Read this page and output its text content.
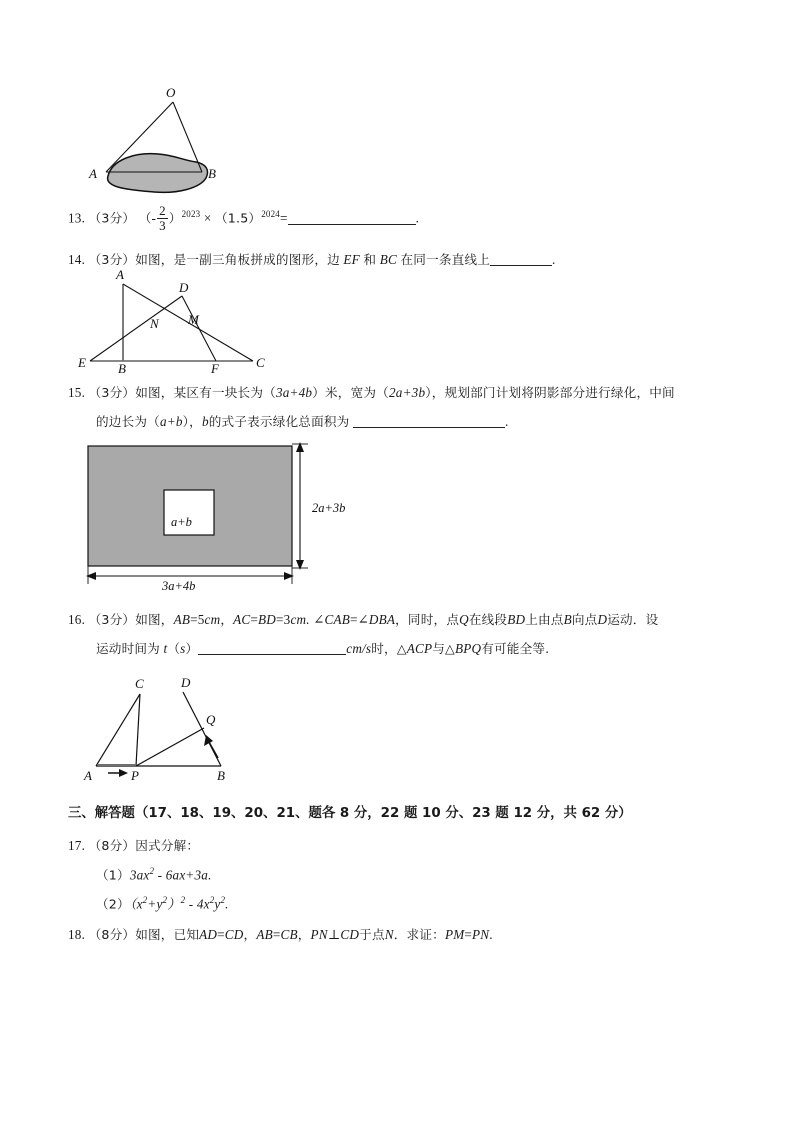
O
A	B
13. （3分） （- $\frac{2}{3} )^{2023} \times (1.5)^{2024}=$	.
14. （3分）如图，是一副三角板拼成的图形，边 EF 和 BC 在同一条直线上	.
A
D
N M
E B	F	C
15. （3分）如图，某区有一块长为（3a+4b）米，宽为（2a+3b），规划部门计划将阴影部分进行绿化，中间
的边长为（a+b），b的式子表示绿化总面积为	.
a+b
2a+3b
3a+4b
16. （3分）如图，AB=5cm，AC=BD=3cm. ∠CAB=∠DBA，同时，点Q在线段BD上由点B向点D运动．设
运动时间为 t（s）	cm/s时，△ACP与△BPQ有可能全等.
C	D
Q
A	P	B
三、解答题（17、18、19、20、21、题各 8 分，22 题 10 分、23 题 12 分，共 62 分）
17. （8分）因式分解：
$(1)3ax^2 - 6ax+3a$.
$(2)(x^2+y^2)^2 - 4x^2y^2$.
18. （8分）如图，已知AD=CD，AB=CB，PN⊥CD于点N．求证：PM=PN.
